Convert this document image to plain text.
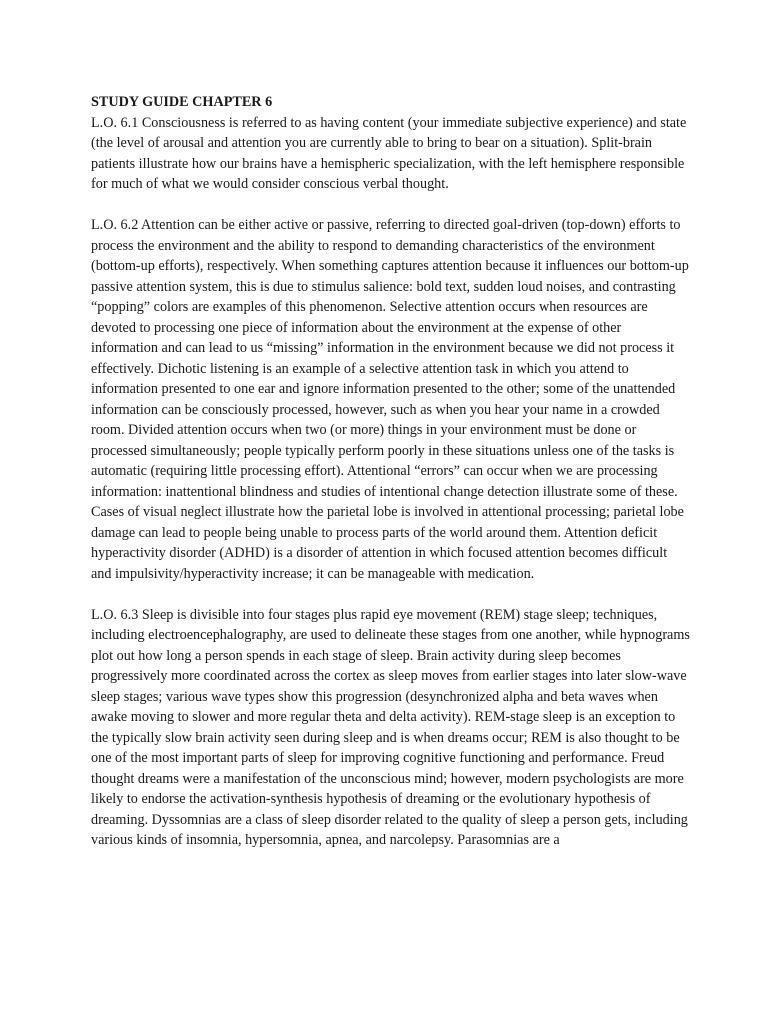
STUDY GUIDE CHAPTER 6

L.O. 6.1 Consciousness is referred to as having content (your immediate subjective experience) and state (the level of arousal and attention you are currently able to bring to bear on a situation). Split-brain patients illustrate how our brains have a hemispheric specialization, with the left hemisphere responsible for much of what we would consider conscious verbal thought.

L.O. 6.2 Attention can be either active or passive, referring to directed goal-driven (top-down) efforts to process the environment and the ability to respond to demanding characteristics of the environment (bottom-up efforts), respectively. When something captures attention because it influences our bottom-up passive attention system, this is due to stimulus salience: bold text, sudden loud noises, and contrasting “popping” colors are examples of this phenomenon. Selective attention occurs when resources are devoted to processing one piece of information about the environment at the expense of other information and can lead to us “missing” information in the environment because we did not process it effectively. Dichotic listening is an example of a selective attention task in which you attend to information presented to one ear and ignore information presented to the other; some of the unattended information can be consciously processed, however, such as when you hear your name in a crowded room. Divided attention occurs when two (or more) things in your environment must be done or processed simultaneously; people typically perform poorly in these situations unless one of the tasks is automatic (requiring little processing effort). Attentional “errors” can occur when we are processing information: inattentional blindness and studies of intentional change detection illustrate some of these. Cases of visual neglect illustrate how the parietal lobe is involved in attentional processing; parietal lobe damage can lead to people being unable to process parts of the world around them. Attention deficit hyperactivity disorder (ADHD) is a disorder of attention in which focused attention becomes difficult and impulsivity/hyperactivity increase; it can be manageable with medication.

L.O. 6.3 Sleep is divisible into four stages plus rapid eye movement (REM) stage sleep; techniques, including electroencephalography, are used to delineate these stages from one another, while hypnograms plot out how long a person spends in each stage of sleep. Brain activity during sleep becomes progressively more coordinated across the cortex as sleep moves from earlier stages into later slow-wave sleep stages; various wave types show this progression (desynchronized alpha and beta waves when awake moving to slower and more regular theta and delta activity). REM-stage sleep is an exception to the typically slow brain activity seen during sleep and is when dreams occur; REM is also thought to be one of the most important parts of sleep for improving cognitive functioning and performance. Freud thought dreams were a manifestation of the unconscious mind; however, modern psychologists are more likely to endorse the activation-synthesis hypothesis of dreaming or the evolutionary hypothesis of dreaming. Dyssomnias are a class of sleep disorder related to the quality of sleep a person gets, including various kinds of insomnia, hypersomnia, apnea, and narcolepsy. Parasomnias are a
